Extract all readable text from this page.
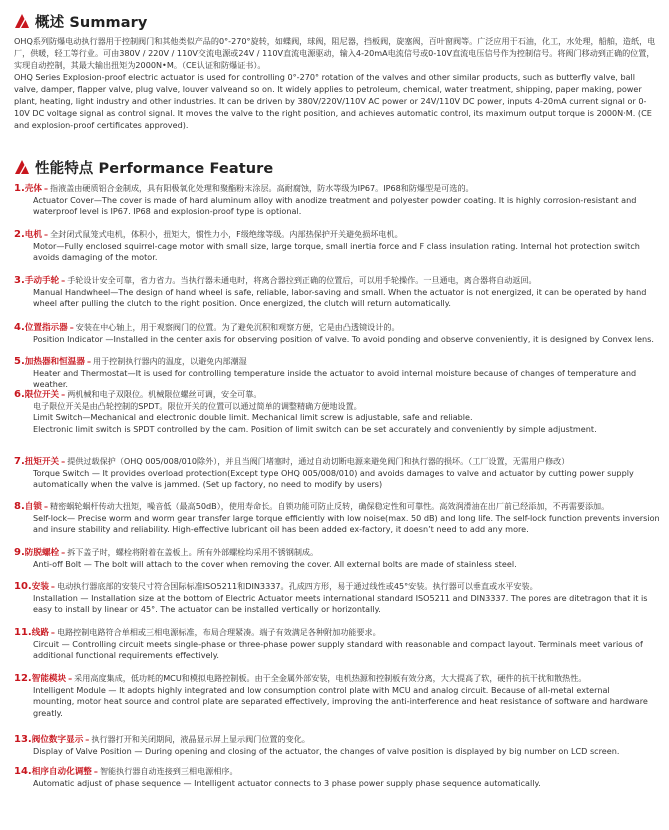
概述 Summary
OHQ系列防爆电动执行器用于控制阀门和其他类似产品的0°-270°旋转，如蝶阀，球阀，阻尼器，挡板阀，旋塞阀，百叶窗阀等。广泛应用于石油，化工，水处理，船舶，造纸，电厂，供暖，轻工等行业。可由380V / 220V / 110V交流电源或24V / 110V直流电源驱动，输入4-20mA电流信号或0-10V直流电压信号作为控制信号。将阀门移动到正确的位置，实现自动控制，其最大输出扭矩为2000N•M。（CE认证和防爆证书）。
OHQ Series Explosion-proof electric actuator is used for controlling 0°-270° rotation of the valves and other similar products, such as butterfly valve, ball valve, damper, flapper valve, plug valve, louver valveand so on. It widely applies to petroleum, chemical, water treatment, shipping, paper making, power plant, heating, light industry and other industries. It can be driven by 380V/220V/110V AC power or 24V/110V DC power, inputs 4-20mA current signal or 0-10V DC voltage signal as control signal. It moves the valve to the right position, and achieves automatic control, its maximum output torque is 2000N·M. (CE and explosion-proof certificates approved).
性能特点 Performance Feature
1.壳体 – 指液盖由硬质铝合金制成，具有阳极氧化处理和聚酯粉末涂层。高耐腐蚀，防水等级为IP67。IP68和防爆型是可选的。
Actuator Cover—The cover is made of hard aluminum alloy with anodize treatment and polyester powder coating. It is highly corrosion-resistant and
waterproof level is IP67. IP68 and explosion-proof type is optional.
2.电机 – 全封闭式鼠笼式电机，体积小，扭矩大，惯性力小，F级绝缘等级。内部热保护开关避免损坏电机。
Motor—Fully enclosed squirrel-cage motor with small size, large torque, small inertia force and F class insulation rating. Internal hot protection switch
avoids damaging of the motor.
3.手动手轮 – 手轮设计安全可靠，省力省力。当执行器未通电时，将离合器拉到正确的位置后，可以用手轮操作。一旦通电，离合器将自动返回。
Manual Handwheel—The design of hand wheel is safe, reliable, labor-saving and small. When the actuator is not energized, it can be operated by hand
wheel after pulling the clutch to the right position. Once energized, the clutch will return automatically.
4.位置指示器 – 安装在中心轴上，用于观察阀门的位置。为了避免沉积和观察方便，它是由凸透镜设计的。
Position Indicator —Installed in the center axis for observing position of valve. To avoid ponding and observe conveniently, it is designed by Convex lens.
5.加热器和恒温器 – 用于控制执行器内的温度，以避免内部潮湿
Heater and Thermostat—It is used for controlling temperature inside the actuator to avoid internal moisture because of changes of temperature and weather.
6.限位开关 – 两机械和电子双限位。机械限位螺丝可调，安全可靠。
电子限位开关是由凸轮控制的SPDT。限位开关的位置可以通过简单的调整精确方便地设置。
Limit Switch—Mechanical and electronic double limit. Mechanical limit screw is adjustable, safe and reliable.
Electronic limit switch is SPDT controlled by the cam. Position of limit switch can be set accurately and conveniently by simple adjustment.
7.扭矩开关 – 提供过载保护（OHQ 005/008/010除外），并且当阀门堵塞时，通过自动切断电源来避免阀门和执行器的损坏。（工厂设置，无需用户修改）
Torque Switch — It provides overload protection(Except type OHQ 005/008/010) and avoids damages to valve and actuator by cutting power supply
automatically when the valve is jammed. (Set up factory, no need to modify by users)
8.自锁 – 精密蜗轮蜗杆传动大扭矩，噪音低（最高50dB），使用寿命长。自锁功能可防止反转，确保稳定性和可靠性。高效润滑油在出厂前已经添加，不再需要添加。
Self-lock— Precise worm and worm gear transfer large torque efficiently with low noise(max. 50 dB) and long life. The self-lock function prevents inversion
and insure stability and reliability. High-effective lubricant oil has been added ex-factory, it doesn’t need to add any more.
9.防脱螺栓 – 拆下盖子时，螺栓将附着在盖板上。所有外部螺栓均采用不锈钢制成。
Anti-off Bolt — The bolt will attach to the cover when removing the cover. All external bolts are made of stainless steel.
10.安装 – 电动执行器底部的安装尺寸符合国际标准ISO5211和DIN3337。孔成四方形，易于通过线性或45°安装。执行器可以垂直或水平安装。
Installation — Installation size at the bottom of Electric Actuator meets international standard ISO5211 and DIN3337. The pores are ditetragon that it is
easy to install by linear or 45°. The actuator can be installed vertically or horizontally.
11.线路 – 电路控制电路符合单相或三相电源标准，布局合理紧凑。端子有效满足各种附加功能要求。
Circuit — Controlling circuit meets single-phase or three-phase power supply standard with reasonable and compact layout. Terminals meet various of
additional functional requirements effectively.
12.智能模块 – 采用高度集成，低功耗的MCU和模拟电路控制板。由于全金属外部安装，电机热源和控制板有效分离，大大提高了软，硬件的抗干扰和散热性。
Intelligent Module — It adopts highly integrated and low consumption control plate with MCU and analog circuit. Because of all-metal external
mounting, motor heat source and control plate are separated effectively, improving the anti-interference and heat resistance of software and hardware
greatly.
13.阀位数字显示 – 执行器打开和关闭期间，液晶显示屏上显示阀门位置的变化。
Display of Valve Position — During opening and closing of the actuator, the changes of valve position is displayed by big number on LCD screen.
14.相序自动化调整 – 智能执行器自动连接到三相电源相序。
Automatic adjust of phase sequence — Intelligent actuator connects to 3 phase power supply phase sequence automatically.
